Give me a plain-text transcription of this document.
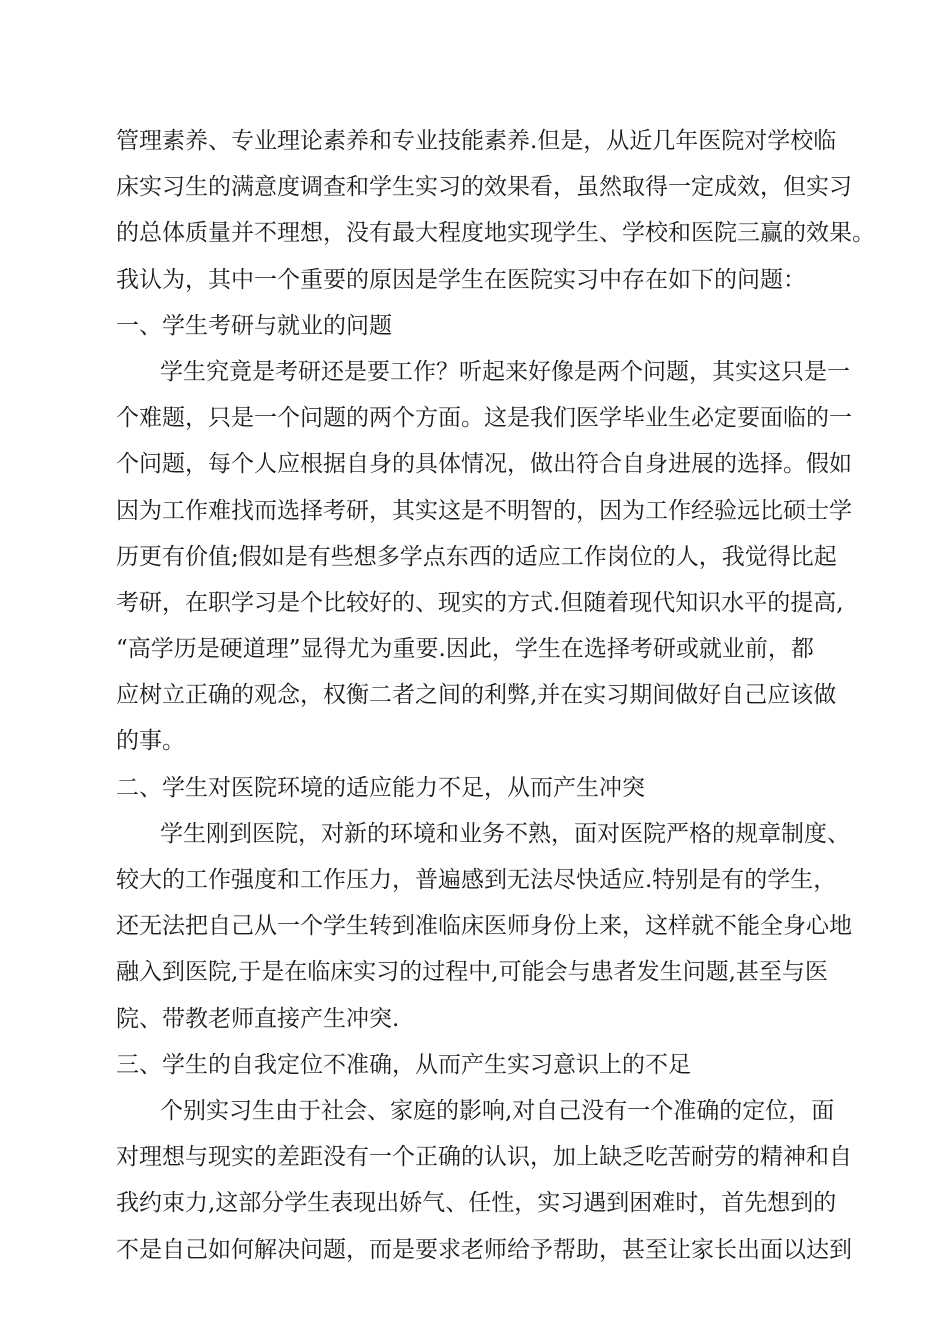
管理素养、专业理论素养和专业技能素养.但是，从近几年医院对学校临
床实习生的满意度调查和学生实习的效果看，虽然取得一定成效，但实习
的总体质量并不理想，没有最大程度地实现学生、学校和医院三赢的效果。
我认为，其中一个重要的原因是学生在医院实习中存在如下的问题：
一、学生考研与就业的问题
学生究竟是考研还是要工作？听起来好像是两个问题，其实这只是一
个难题，只是一个问题的两个方面。这是我们医学毕业生必定要面临的一
个问题，每个人应根据自身的具体情况，做出符合自身进展的选择。假如
因为工作难找而选择考研，其实这是不明智的，因为工作经验远比硕士学
历更有价值;假如是有些想多学点东西的适应工作岗位的人，我觉得比起
考研，在职学习是个比较好的、现实的方式.但随着现代知识水平的提高,
“高学历是硬道理”显得尤为重要.因此，学生在选择考研或就业前，都
应树立正确的观念，权衡二者之间的利弊,并在实习期间做好自己应该做
的事。
二、学生对医院环境的适应能力不足，从而产生冲突
学生刚到医院，对新的环境和业务不熟，面对医院严格的规章制度、
较大的工作强度和工作压力，普遍感到无法尽快适应.特别是有的学生，
还无法把自己从一个学生转到准临床医师身份上来，这样就不能全身心地
融入到医院,于是在临床实习的过程中,可能会与患者发生问题,甚至与医
院、带教老师直接产生冲突.
三、学生的自我定位不准确，从而产生实习意识上的不足
个别实习生由于社会、家庭的影响,对自己没有一个准确的定位，面
对理想与现实的差距没有一个正确的认识，加上缺乏吃苦耐劳的精神和自
我约束力,这部分学生表现出娇气、任性，实习遇到困难时，首先想到的
不是自己如何解决问题，而是要求老师给予帮助，甚至让家长出面以达到
